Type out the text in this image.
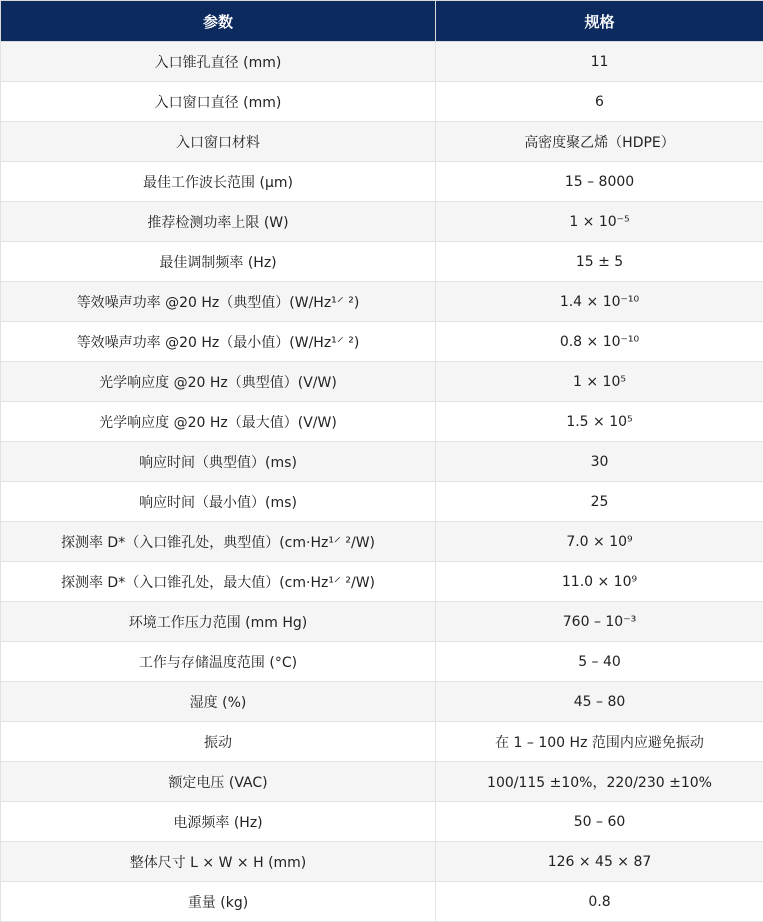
参数	规格
入口锥孔直径 (mm)	11
入口窗口直径 (mm)	6
入口窗口材料	高密度聚乙烯（HDPE）
最佳工作波长范围 (μm)	15 – 8000
推荐检测功率上限 (W)	1 × 10⁻⁵
最佳调制频率 (Hz)	15 ± 5
等效噪声功率 @20 Hz（典型值）(W/Hz¹⸍ ²)	1.4 × 10⁻¹⁰
等效噪声功率 @20 Hz（最小值）(W/Hz¹⸍ ²)	0.8 × 10⁻¹⁰
光学响应度 @20 Hz（典型值）(V/W)	1 × 10⁵
光学响应度 @20 Hz（最大值）(V/W)	1.5 × 10⁵
响应时间（典型值）(ms)	30
响应时间（最小值）(ms)	25
探测率 D*（入口锥孔处，典型值）(cm·Hz¹⸍ ²/W)	7.0 × 10⁹
探测率 D*（入口锥孔处，最大值）(cm·Hz¹⸍ ²/W)	11.0 × 10⁹
环境工作压力范围 (mm Hg)	760 – 10⁻³
工作与存储温度范围 (°C)	5 – 40
湿度 (%)	45 – 80
振动	在 1 – 100 Hz 范围内应避免振动
额定电压 (VAC)	100/115 ±10%，220/230 ±10%
电源频率 (Hz)	50 – 60
整体尺寸 L × W × H (mm)	126 × 45 × 87
重量 (kg)	0.8
